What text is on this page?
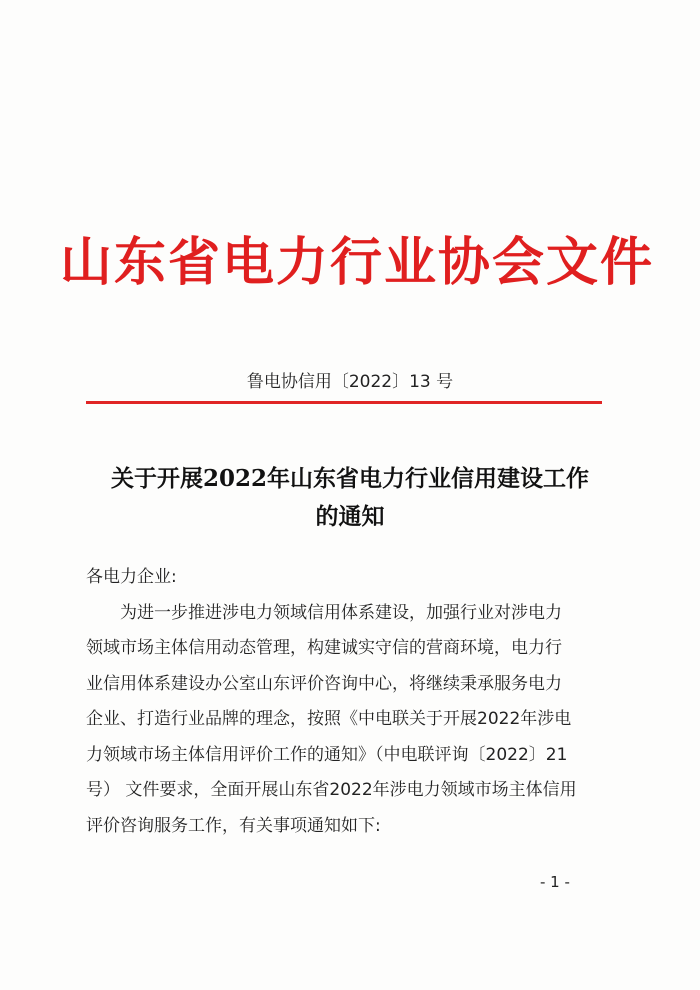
山东省电力行业协会文件
鲁电协信用〔2022〕13 号
关于开展2022年山东省电力行业信用建设工作
的通知

各电力企业:

为进一步推进涉电力领域信用体系建设，加强行业对涉电力
领域市场主体信用动态管理，构建诚实守信的营商环境，电力行
业信用体系建设办公室山东评价咨询中心，将继续秉承服务电力
企业、打造行业品牌的理念，按照《中电联关于开展2022年涉电
力领域市场主体信用评价工作的通知》（中电联评询〔2022〕21
号） 文件要求，全面开展山东省2022年涉电力领域市场主体信用
评价咨询服务工作，有关事项通知如下:

- 1 -
